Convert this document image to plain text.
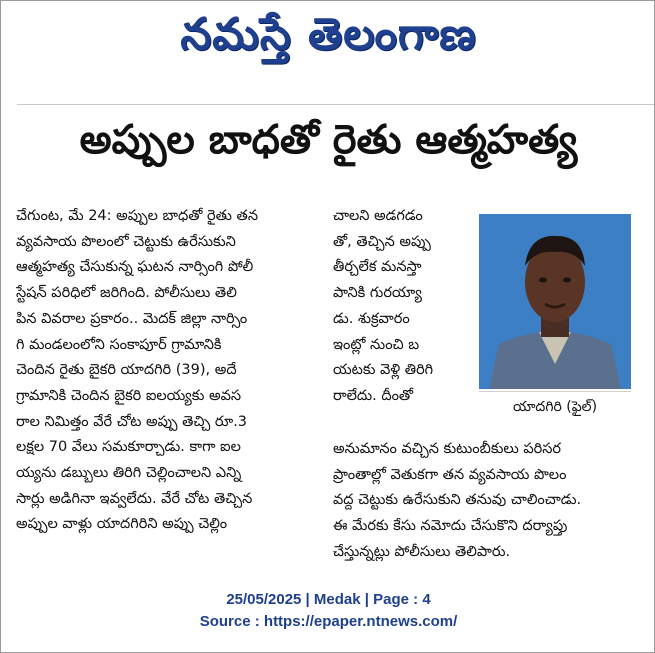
నమస్తే తెలంగాణ
అప్పుల బాధతో రైతు ఆత్మహత్య

చేగుంట, మే 24: అప్పుల బాధతో రైతు తన

వ్యవసాయ పొలంలో చెట్టుకు ఉరేసుకుని

ఆత్మహత్య చేసుకున్న ఘటన నార్సింగి పోలీ

స్టేషన్ పరిధిలో జరిగింది. పోలీసులు తెలి

పిన వివరాల ప్రకారం.. మెదక్ జిల్లా నార్సిం

గి మండలంలోని సంకాపూర్ గ్రామానికి

చెందిన రైతు బైకరి యాదగిరి (39), అదే

గ్రామానికి చెందిన బైకరి ఐలయ్యకు అవస

రాల నిమిత్తం వేరే చోట అప్పు తెచ్చి రూ.3

లక్షల 70 వేలు సమకూర్చాడు. కాగా ఐల

య్యను డబ్బులు తిరిగి చెల్లించాలని ఎన్ని

సార్లు అడిగినా ఇవ్వలేదు. వేరే చోట తెచ్చిన

అప్పుల వాళ్లు యాదగిరిని అప్పు చెల్లిం

చాలని అడగడం

తో, తెచ్చిన అప్పు

తీర్చలేక మనస్తా

పానికి గురయ్యా

డు. శుక్రవారం

ఇంట్లో నుంచి బ

యటకు వెళ్లి తిరిగి

రాలేదు. దీంతో

యాదగిరి (ఫైల్)

అనుమానం వచ్చిన కుటుంబీకులు పరిసర

ప్రాంతాల్లో వెతుకగా తన వ్యవసాయ పొలం

వద్ద చెట్టుకు ఉరేసుకుని తనువు చాలించాడు.

ఈ మేరకు కేసు నమోదు చేసుకొని దర్యాప్తు

చేస్తున్నట్లు పోలీసులు తెలిపారు.

25/05/2025 | Medak | Page : 4
Source : https://epaper.ntnews.com/
